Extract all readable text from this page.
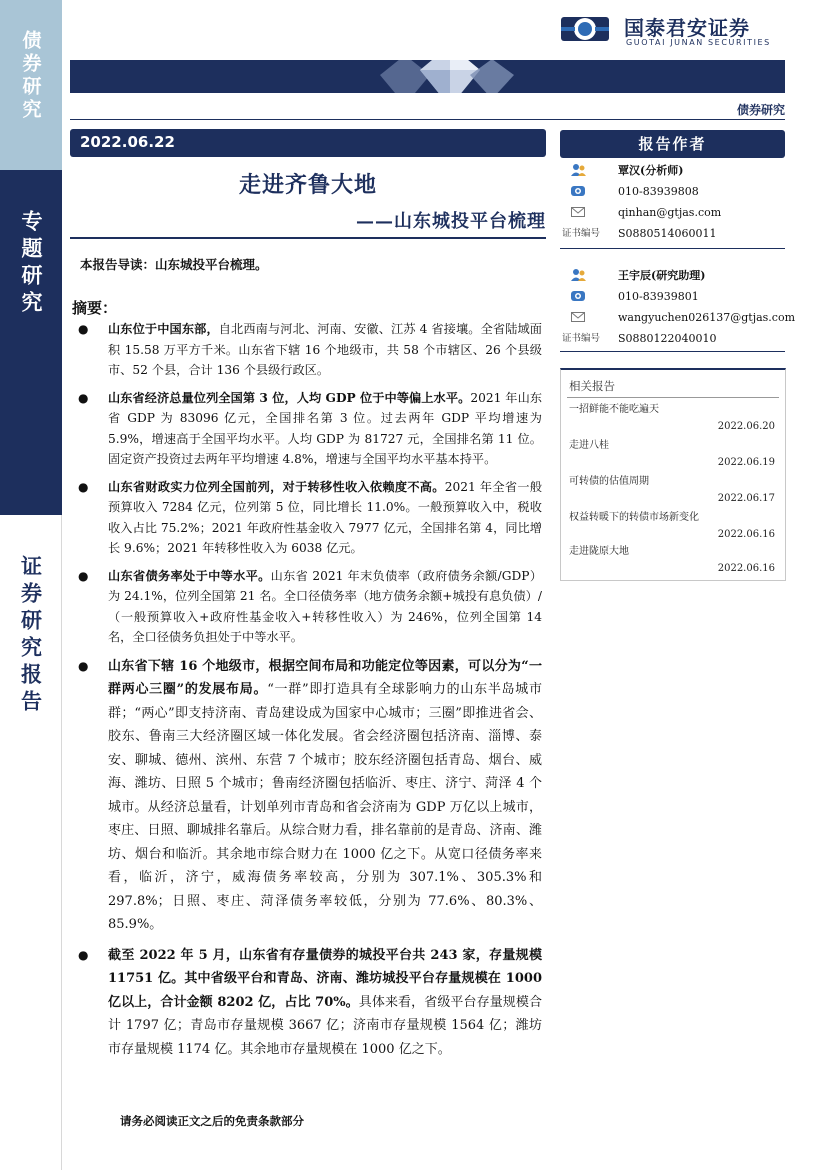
债券研究
专题研究
证券研究报告
国泰君安证券
GUOTAI JUNAN SECURITIES
债券研究
2022.06.22
走进齐鲁大地
——山东城投平台梳理
本报告导读：山东城投平台梳理。
摘要：
● 山东位于中国东部，自北西南与河北、河南、安徽、江苏 4 省接壤。全省陆域面积 15.58 万平方千米。山东省下辖 16 个地级市，共 58 个市辖区、26 个县级市、52 个县，合计 136 个县级行政区。
● 山东省经济总量位列全国第 3 位，人均 GDP 位于中等偏上水平。2021 年山东省 GDP 为 83096 亿元，全国排名第 3 位。过去两年 GDP 平均增速为 5.9%，增速高于全国平均水平。人均 GDP 为 81727 元，全国排名第 11 位。固定资产投资过去两年平均增速 4.8%，增速与全国平均水平基本持平。
● 山东省财政实力位列全国前列，对于转移性收入依赖度不高。2021 年全省一般预算收入 7284 亿元，位列第 5 位，同比增长 11.0%。一般预算收入中，税收收入占比 75.2%；2021 年政府性基金收入 7977 亿元，全国排名第 4，同比增长 9.6%；2021 年转移性收入为 6038 亿元。
● 山东省债务率处于中等水平。山东省 2021 年末负债率（政府债务余额/GDP）为 24.1%，位列全国第 21 名。全口径债务率（地方债务余额+城投有息负债）/（一般预算收入+政府性基金收入+转移性收入）为 246%，位列全国第 14 名，全口径债务负担处于中等水平。
● 山东省下辖 16 个地级市，根据空间布局和功能定位等因素，可以分为“一群两心三圈”的发展布局。“一群”即打造具有全球影响力的山东半岛城市群；“两心”即支持济南、青岛建设成为国家中心城市；三圈”即推进省会、胶东、鲁南三大经济圈区域一体化发展。省会经济圈包括济南、淄博、泰安、聊城、德州、滨州、东营 7 个城市；胶东经济圈包括青岛、烟台、威海、潍坊、日照 5 个城市；鲁南经济圈包括临沂、枣庄、济宁、菏泽 4 个城市。从经济总量看，计划单列市青岛和省会济南为 GDP 万亿以上城市，枣庄、日照、聊城排名靠后。从综合财力看，排名靠前的是青岛、济南、潍坊、烟台和临沂。其余地市综合财力在 1000 亿之下。从宽口径债务率来看，临沂，济宁，威海债务率较高，分别为 307.1%、305.3%和 297.8%；日照、枣庄、菏泽债务率较低，分别为 77.6%、80.3%、85.9%。
● 截至 2022 年 5 月，山东省有存量债券的城投平台共 243 家，存量规模 11751 亿。其中省级平台和青岛、济南、潍坊城投平台存量规模在 1000 亿以上，合计金额 8202 亿，占比 70%。具体来看，省级平台存量规模合计 1797 亿；青岛市存量规模 3667 亿；济南市存量规模 1564 亿；潍坊市存量规模 1174 亿。其余地市存量规模在 1000 亿之下。
请务必阅读正文之后的免责条款部分
报告作者
覃汉(分析师)
010-83939808
qinhan@gtjas.com
证书编号 S0880514060011
王宇辰(研究助理)
010-83939801
wangyuchen026137@gtjas.com
证书编号 S0880122040010
相关报告
一招鲜能不能吃遍天
2022.06.20
走进八桂
2022.06.19
可转债的估值周期
2022.06.17
权益转暖下的转债市场新变化
2022.06.16
走进陇原大地
2022.06.16
